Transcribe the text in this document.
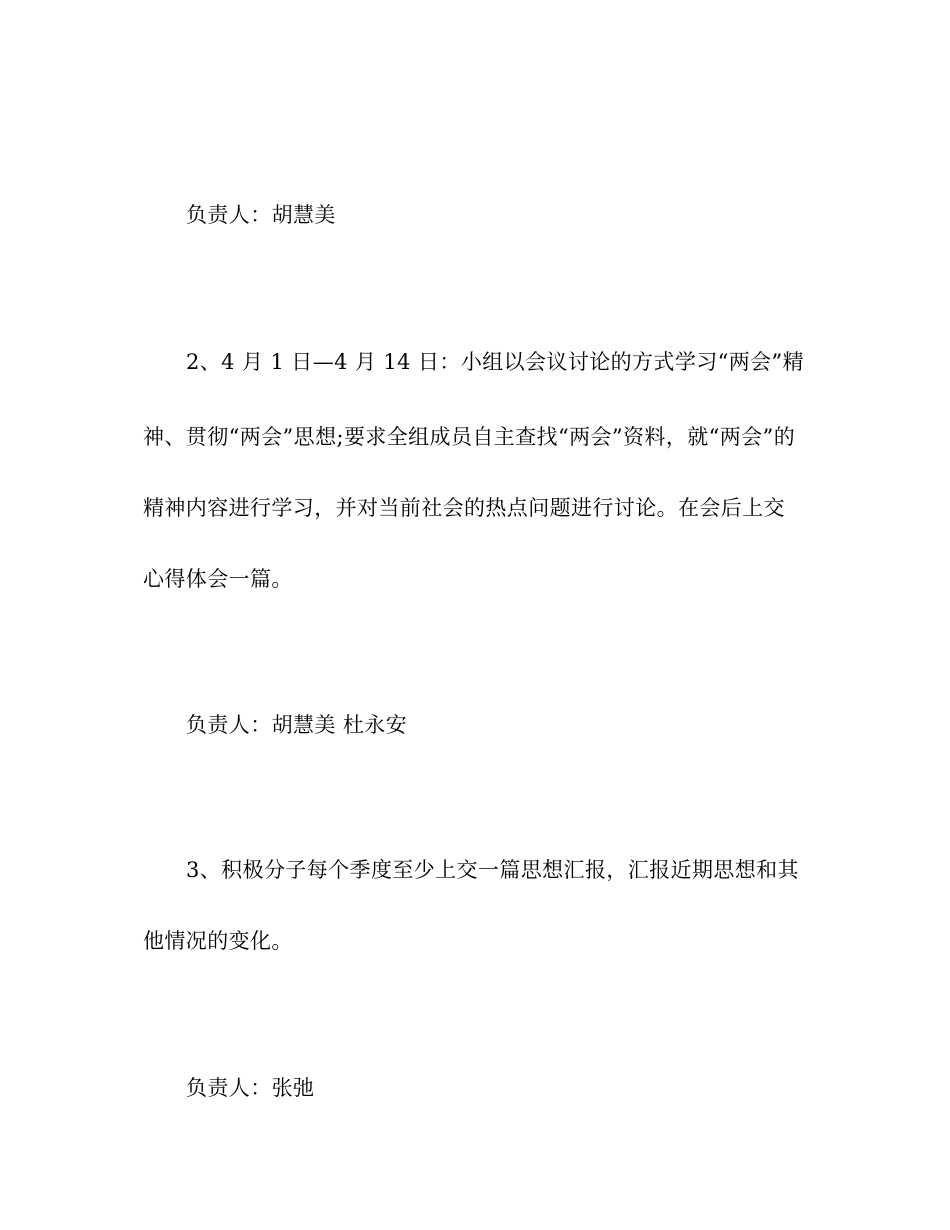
负责人：胡慧美
2、4 月 1 日—4 月 14 日：小组以会议讨论的方式学习“两会”精
神、贯彻“两会”思想;要求全组成员自主查找“两会”资料，就“两会”的
精神内容进行学习，并对当前社会的热点问题进行讨论。在会后上交
心得体会一篇。
负责人：胡慧美 杜永安
3、积极分子每个季度至少上交一篇思想汇报，汇报近期思想和其
他情况的变化。
负责人：张弛
